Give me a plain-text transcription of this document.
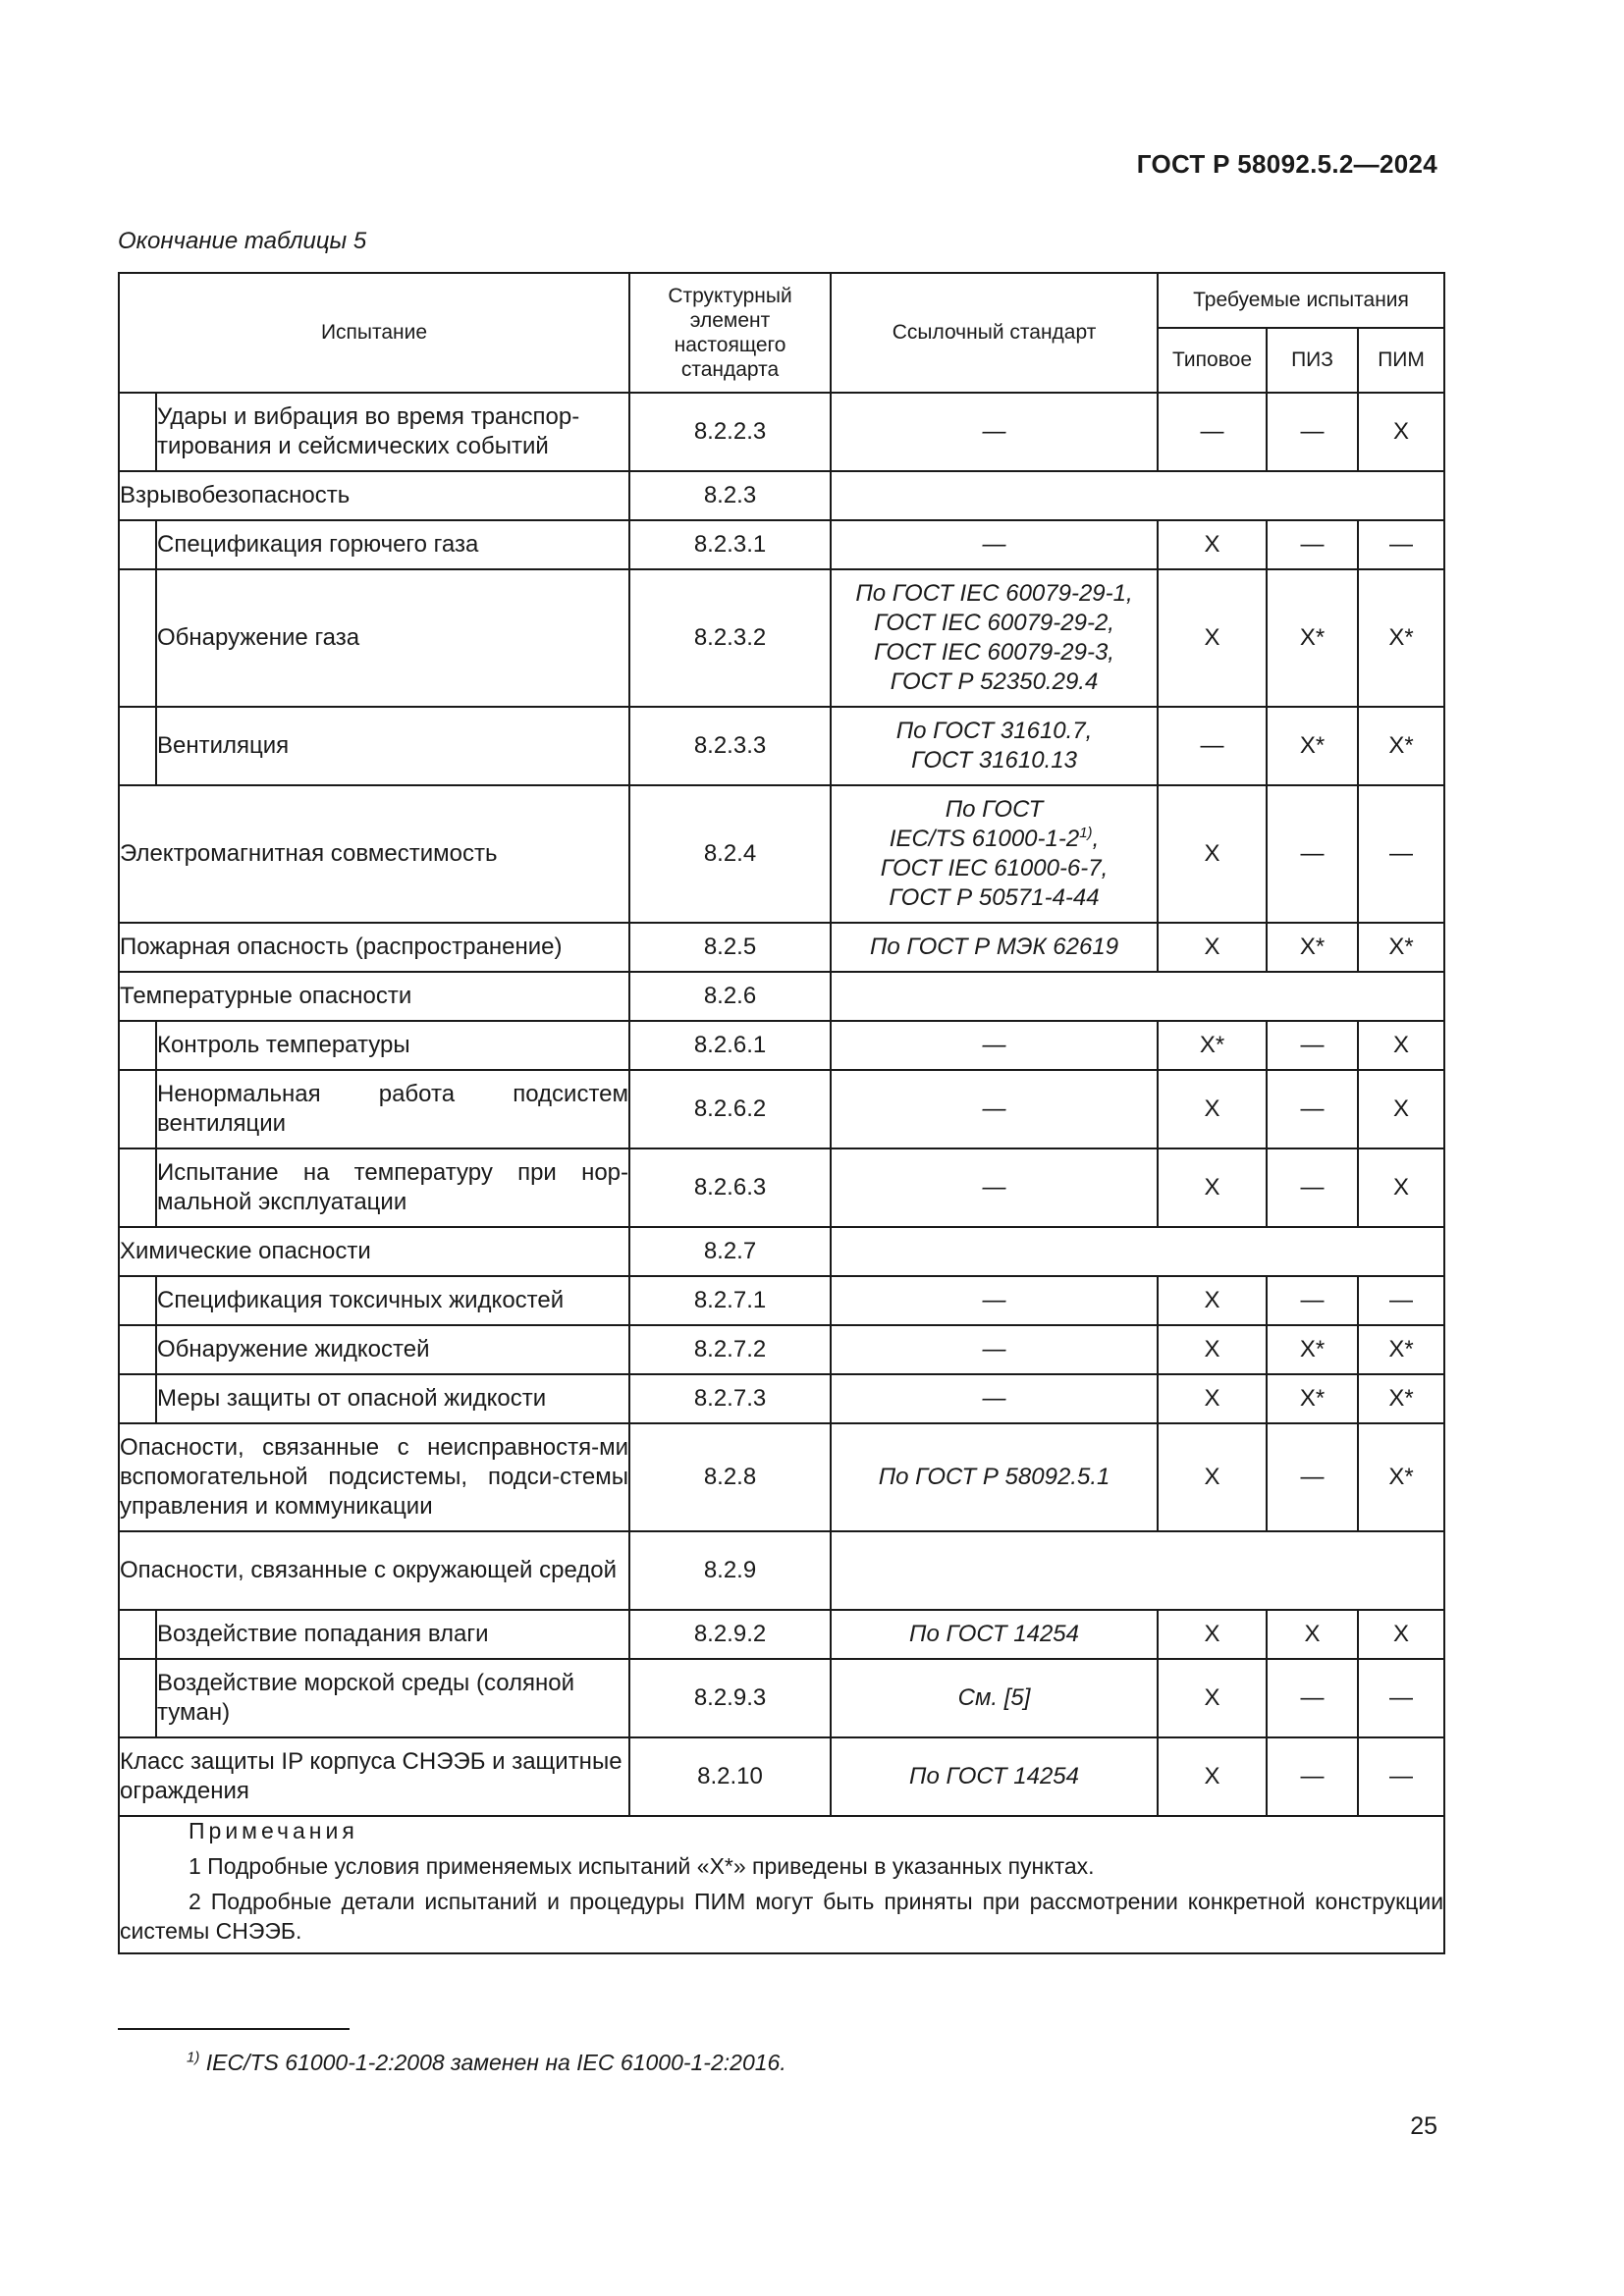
ГОСТ Р 58092.5.2—2024
Окончание таблицы 5
Испытание		Структурный элемент настоящего стандарта	Ссылочный стандарт	Требуемые испытания		
				Типовое	ПИЗ	ПИМ
	Удары и вибрация во время транспор-тирования и сейсмических событий	8.2.2.3	—	—	—	X
Взрывобезопасность		8.2.3				
	Спецификация горючего газа	8.2.3.1	—	X	—	—
	Обнаружение газа	8.2.3.2	По ГОСТ IEC 60079-29-1,
ГОСТ IEC 60079-29-2,
ГОСТ IEC 60079-29-3,
ГОСТ Р 52350.29.4	X	X*	X*
	Вентиляция	8.2.3.3	По ГОСТ 31610.7,
ГОСТ 31610.13	—	X*	X*
Электромагнитная совместимость		8.2.4	По ГОСТ
IEC/TS 61000-1-2$^{1)}$,
ГОСТ IEC 61000-6-7,
ГОСТ Р 50571-4-44	X	—	—
Пожарная опасность (распространение)		8.2.5	По ГОСТ Р МЭК 62619	X	X*	X*
Температурные опасности		8.2.6				
	Контроль температуры	8.2.6.1	—	X*	—	X
	Ненормальная работа подсистем вентиляции	8.2.6.2	—	X	—	X
	Испытание на температуру при нор-мальной эксплуатации	8.2.6.3	—	X	—	X
Химические опасности		8.2.7				
	Спецификация токсичных жидкостей	8.2.7.1	—	X	—	—
	Обнаружение жидкостей	8.2.7.2	—	X	X*	X*
	Меры защиты от опасной жидкости	8.2.7.3	—	X	X*	X*
Опасности, связанные с неисправностя-ми вспомогательной подсистемы, подси-стемы управления и коммуникации		8.2.8	По ГОСТ Р 58092.5.1	X	—	X*
Опасности, связанные с окружающей средой		8.2.9				
	Воздействие попадания влаги	8.2.9.2	По ГОСТ 14254	X	X	X
	Воздействие морской среды (соляной туман)	8.2.9.3	См. [5]	X	—	—
Класс защиты IP корпуса СНЭЭБ и защитные ограждения		8.2.10	По ГОСТ 14254	X	—	—

Примечания

1 Подробные условия применяемых испытаний «X*» приведены в указанных пунктах.

2 Подробные детали испытаний и процедуры ПИМ могут быть приняты при рассмотрении конкретной конструкции системы СНЭЭБ.						

$^{1)}$ IEC/TS 61000-1-2:2008 заменен на IEC 61000-1-2:2016.
25
